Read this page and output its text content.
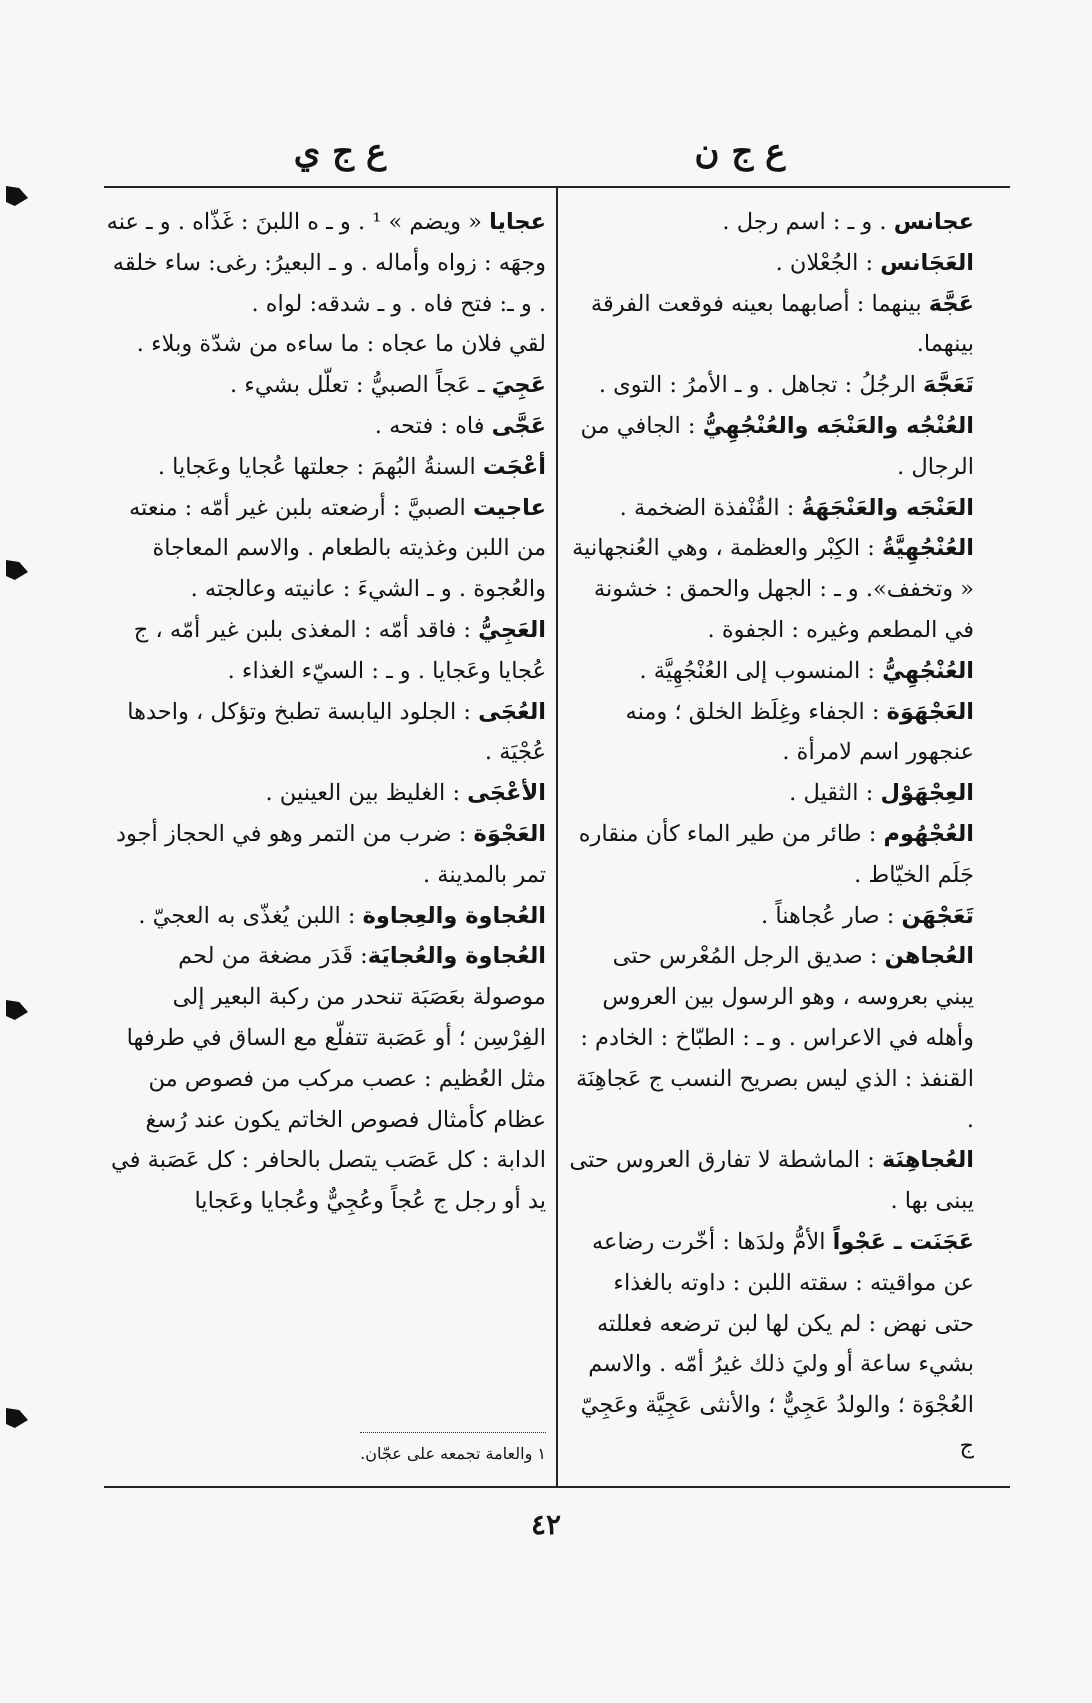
ع ج ن
ع ج ي

عجانس . و ـ : اسم رجل .

العَجَانس : الجُعْلان .

عَجَّهَ بينهما : أصابهما بعينه فوقعت الفرقة بينهما.

تَعَجَّهَ الرجُلُ : تجاهل . و ـ الأمرُ : التوى .

العُنْجُه والعَنْجَه والعُنْجُهِيُّ : الجافي من الرجال .

العَنْجَه والعَنْجَهَةُ : القُنْفذة الضخمة .

العُنْجُهِيَّةُ : الكِبْر والعظمة ، وهي العُنجهانية « وتخفف». و ـ : الجهل والحمق : خشونة في المطعم وغيره : الجفوة .

العُنْجُهِيُّ : المنسوب إلى العُنْجُهِيَّة .

العَجْهَوَة : الجفاء وغِلَظ الخلق ؛ ومنه عنجهور اسم لامرأة .

العِجْهَوْل : الثقيل .

العُجْهُوم : طائر من طير الماء كأن منقاره جَلَم الخيّاط .

تَعَجْهَن : صار عُجاهناً .

العُجاهن : صديق الرجل المُعْرس حتى يبني بعروسه ، وهو الرسول بين العروس وأهله في الاعراس . و ـ : الطبّاخ : الخادم : القنفذ : الذي ليس بصريح النسب ج عَجاهِنَة .

العُجاهِنَة : الماشطة لا تفارق العروس حتى يبنى بها .

عَجَنَت ـ عَجْواً الأمُّ ولدَها : أخّرت رضاعه عن مواقيته : سقته اللبن : داوته بالغذاء حتى نهض : لم يكن لها لبن ترضعه فعللته بشيء ساعة أو وليَ ذلك غيرُ أمّه . والاسم العُجْوَة ؛ والولدُ عَجِيٌّ ؛ والأنثى عَجِيَّة وعَجِيّ ج

عجايا « ويضم » ¹ . و ـ ه اللبنَ : غَذّاه . و ـ عنه وجهَه : زواه وأماله . و ـ البعيرُ: رغى: ساء خلقه . و ـ: فتح فاه . و ـ شدقه: لواه .

لقي فلان ما عجاه : ما ساءه من شدّة وبلاء .

عَجِيَ ـ عَجاً الصبيُّ : تعلّل بشيء .

عَجَّى فاه : فتحه .

أعْجَت السنةُ البُهمَ : جعلتها عُجايا وعَجايا .

عاجيت الصبيَّ : أرضعته بلبن غير أمّه : منعته من اللبن وغذيته بالطعام . والاسم المعاجاة والعُجوة . و ـ الشيءَ : عانيته وعالجته .

العَجِيُّ : فاقد أمّه : المغذى بلبن غير أمّه ، ج عُجايا وعَجايا . و ـ : السيّء الغذاء .

العُجَى : الجلود اليابسة تطبخ وتؤكل ، واحدها عُجْيَة .

الأعْجَى : الغليظ بين العينين .

العَجْوَة : ضرب من التمر وهو في الحجاز أجود تمر بالمدينة .

العُجاوة والعِجاوة : اللبن يُغذّى به العجيّ .

العُجاوة والعُجايَة: قَدَر مضغة من لحم موصولة بعَصَبَة تنحدر من ركبة البعير إلى الفِرْسِن ؛ أو عَصَبة تتفلّع مع الساق في طرفها مثل العُظيم : عصب مركب من فصوص من عظام كأمثال فصوص الخاتم يكون عند رُسغ الدابة : كل عَصَب يتصل بالحافر : كل عَصَبة في يد أو رجل ج عُجاً وعُجِيٌّ وعُجايا وعَجايا

١ والعامة تجمعه على عجّان.
٤٢
